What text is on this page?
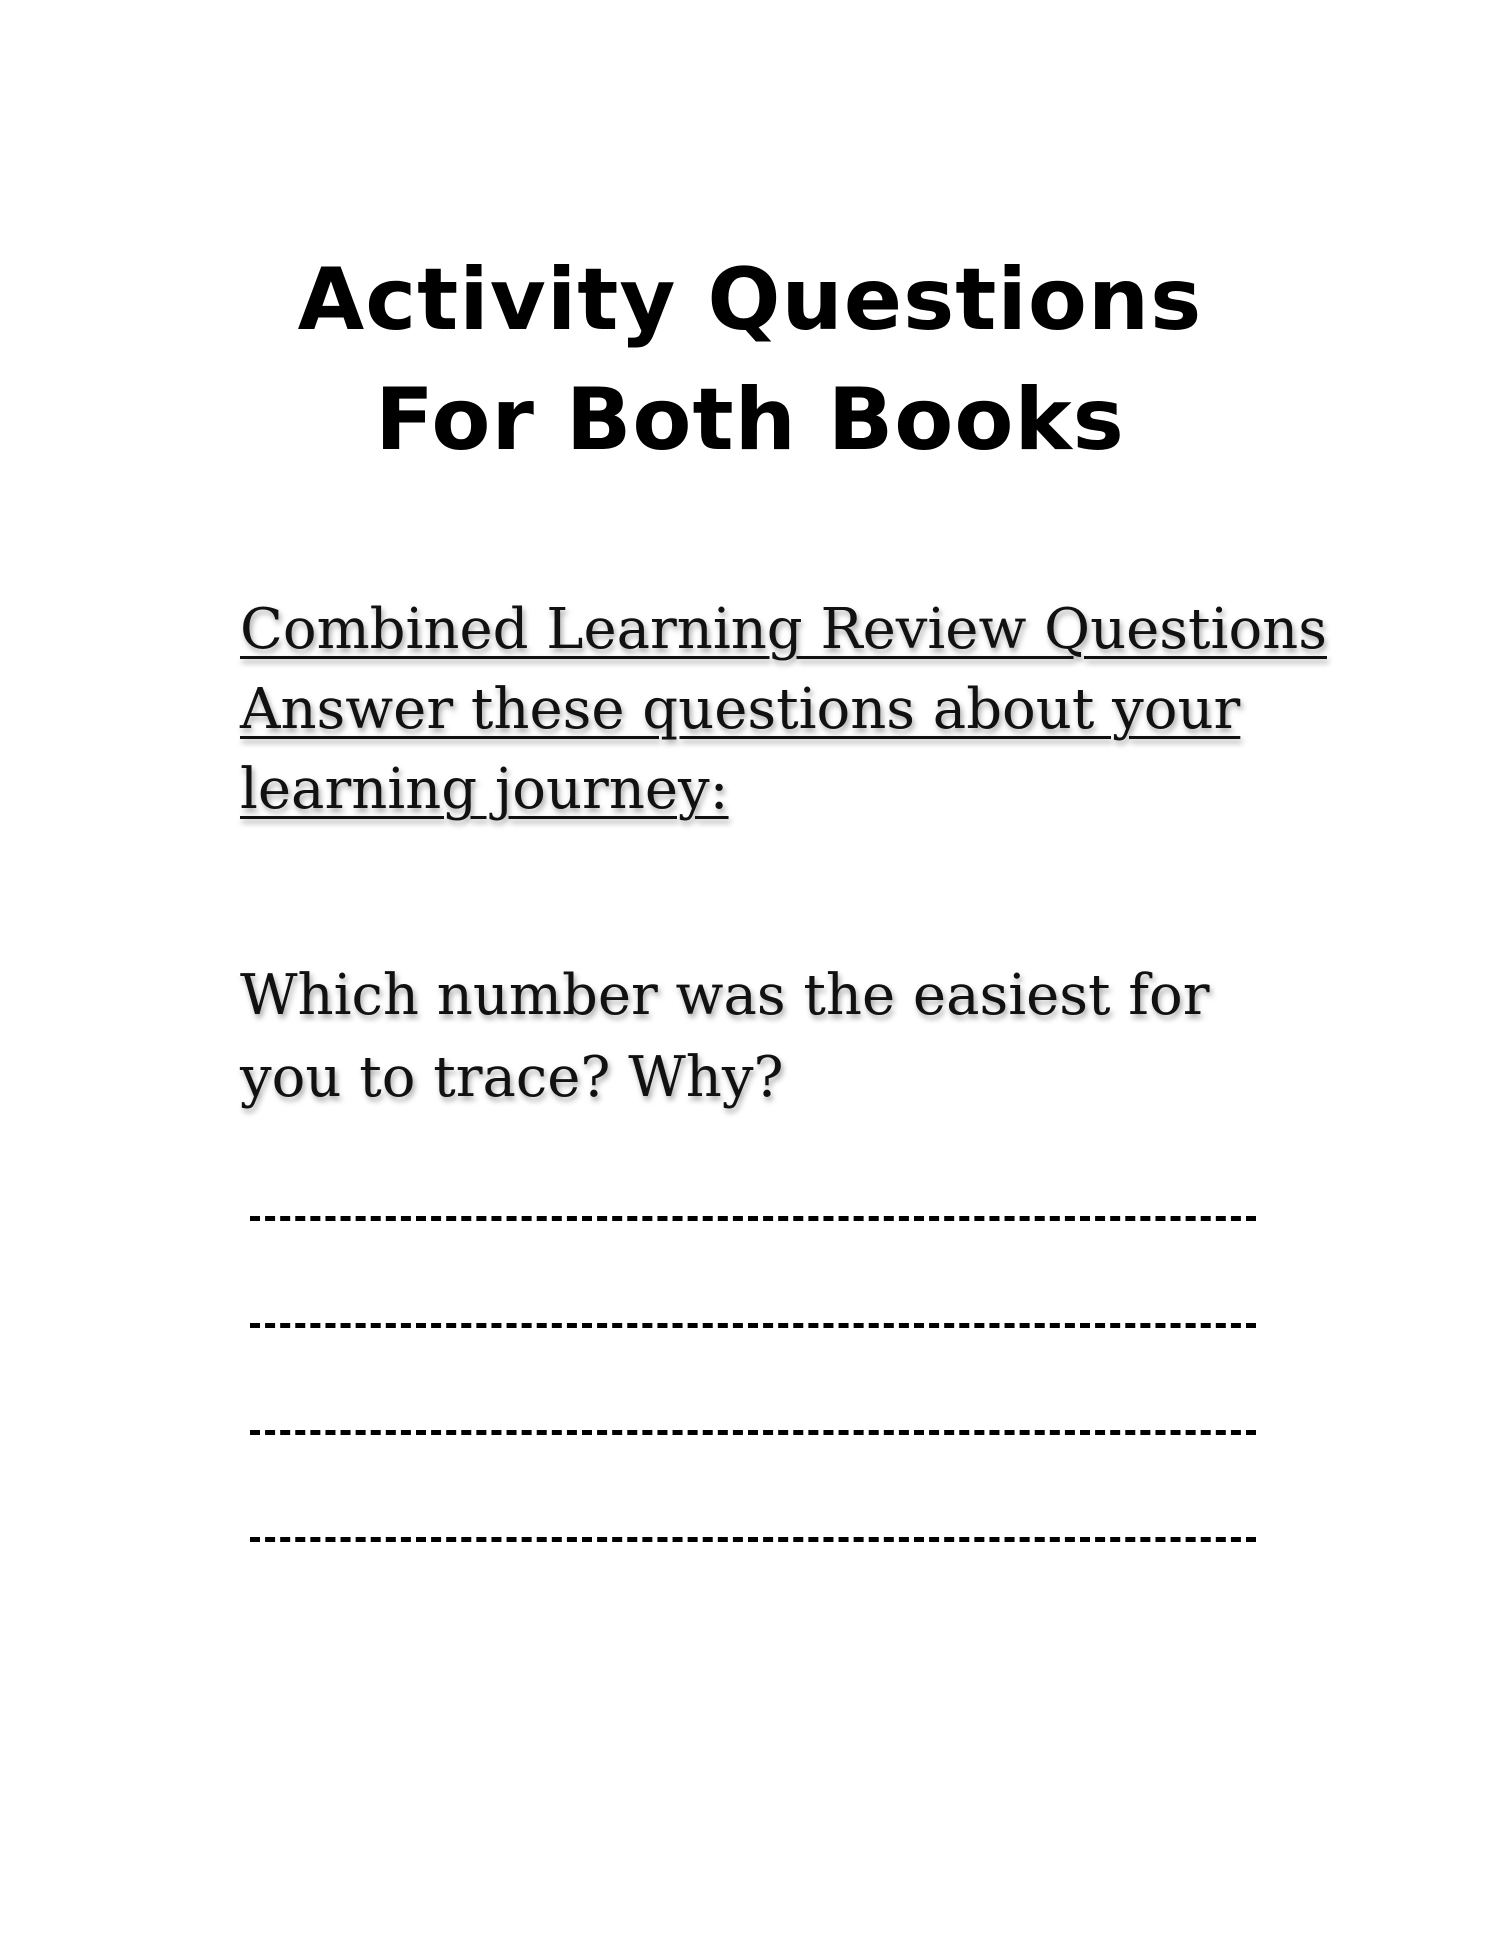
Activity Questions
For Both Books
Combined Learning Review Questions
Answer these questions about your
learning journey:
Which number was the easiest for
you to trace? Why?
